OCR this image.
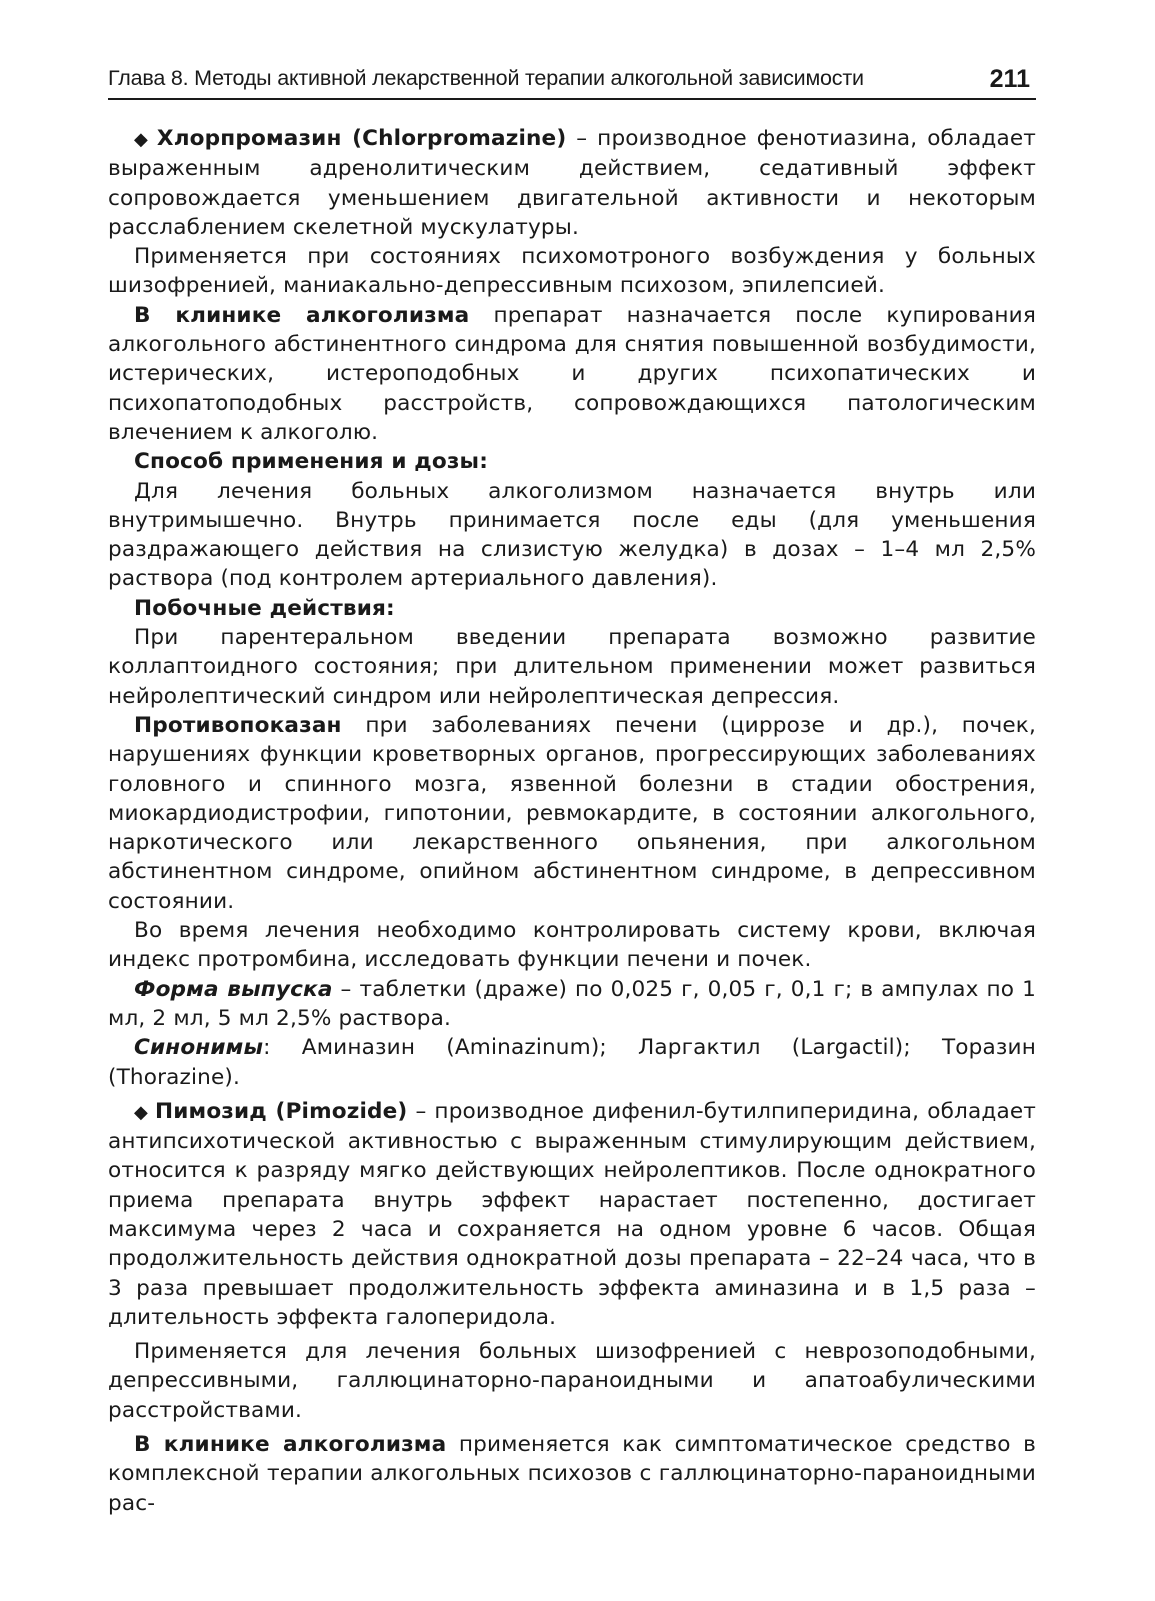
Глава 8. Методы активной лекарственной терапии алкогольной зависимости	211

◆ Хлорпромазин (Chlorpromazine) – производное фенотиазина, обладает выраженным адренолитическим действием, седативный эффект сопровождается уменьшением двигательной активности и некоторым расслаблением скелетной мускулатуры.

Применяется при состояниях психомотроного возбуждения у больных шизофренией, маниакально-депрессивным психозом, эпилепсией.

В клинике алкоголизма препарат назначается после купирования алкогольного абстинентного синдрома для снятия повышенной возбудимости, истерических, истероподобных и других психопатических и психопатоподобных расстройств, сопровождающихся патологическим влечением к алкоголю.

Способ применения и дозы:

Для лечения больных алкоголизмом назначается внутрь или внутримышечно. Внутрь принимается после еды (для уменьшения раздражающего действия на слизистую желудка) в дозах – 1–4 мл 2,5% раствора (под контролем артериального давления).

Побочные действия:

При парентеральном введении препарата возможно развитие коллаптоидного состояния; при длительном применении может развиться нейролептический синдром или нейролептическая депрессия.

Противопоказан при заболеваниях печени (циррозе и др.), почек, нарушениях функции кроветворных органов, прогрессирующих заболеваниях головного и спинного мозга, язвенной болезни в стадии обострения, миокардиодистрофии, гипотонии, ревмокардите, в состоянии алкогольного, наркотического или лекарственного опьянения, при алкогольном абстинентном синдроме, опийном абстинентном синдроме, в депрессивном состоянии.

Во время лечения необходимо контролировать систему крови, включая индекс протромбина, исследовать функции печени и почек.

Форма выпуска – таблетки (драже) по 0,025 г, 0,05 г, 0,1 г; в ампулах по 1 мл, 2 мл, 5 мл 2,5% раствора.

Синонимы: Аминазин (Aminazinum); Ларгактил (Largactil); Торазин (Thorazine).

◆ Пимозид (Pimozide) – производное дифенил-бутилпиперидина, обладает антипсихотической активностью с выраженным стимулирующим действием, относится к разряду мягко действующих нейролептиков. После однократного приема препарата внутрь эффект нарастает постепенно, достигает максимума через 2 часа и сохраняется на одном уровне 6 часов. Общая продолжительность действия однократной дозы препарата – 22–24 часа, что в 3 раза превышает продолжительность эффекта аминазина и в 1,5 раза – длительность эффекта галоперидола.

Применяется для лечения больных шизофренией с неврозоподобными, депрессивными, галлюцинаторно-параноидными и апатоабулическими расстройствами.

В клинике алкоголизма применяется как симптоматическое средство в комплексной терапии алкогольных психозов с галлюцинаторно-параноидными рас-
